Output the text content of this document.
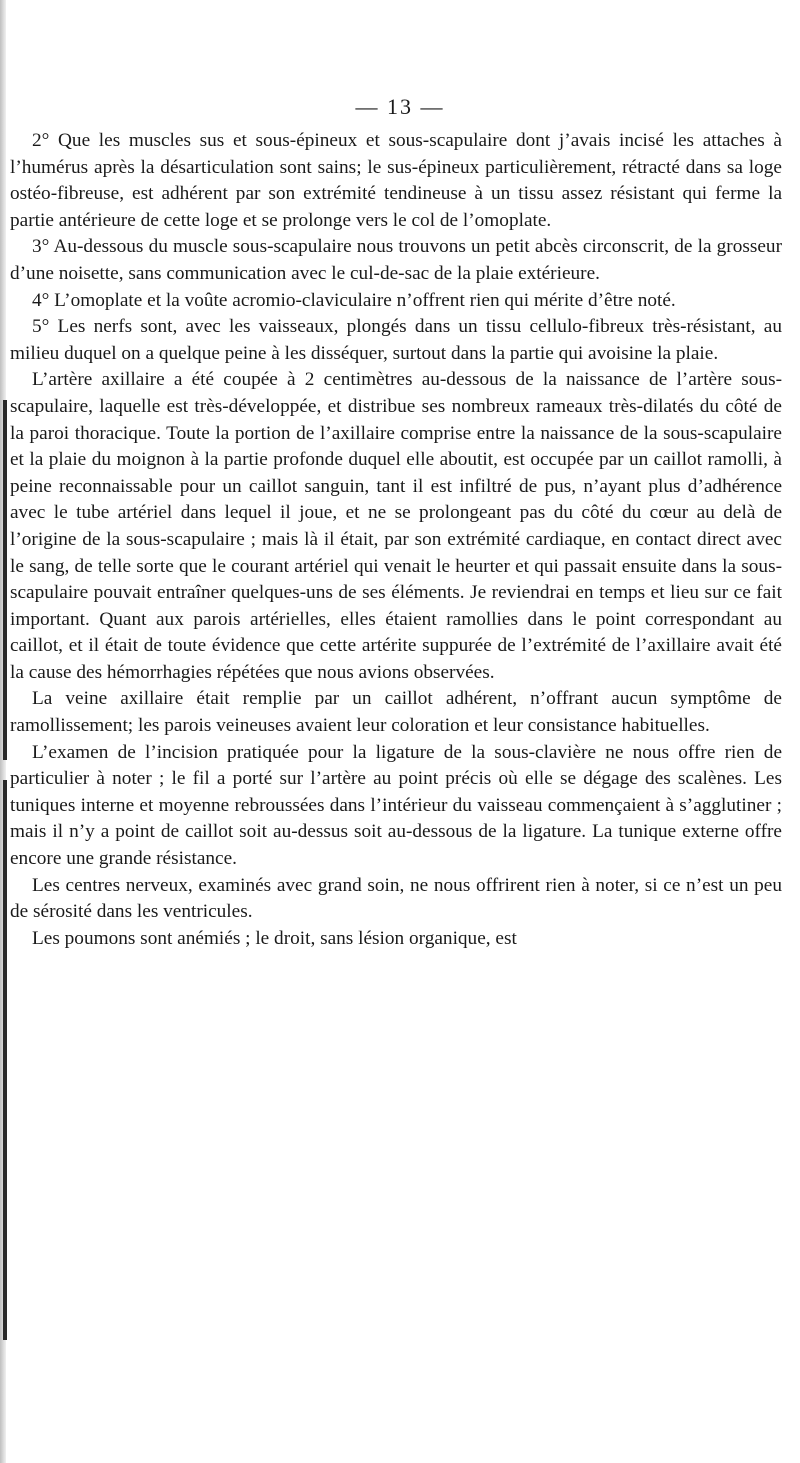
— 13 —

2° Que les muscles sus et sous-épineux et sous-scapulaire dont j’avais incisé les attaches à l’humérus après la désarticulation sont sains; le sus-épineux particulièrement, rétracté dans sa loge ostéo-fibreuse, est adhérent par son extrémité tendineuse à un tissu assez résistant qui ferme la partie antérieure de cette loge et se prolonge vers le col de l’omoplate.

3° Au-dessous du muscle sous-scapulaire nous trouvons un petit abcès circonscrit, de la grosseur d’une noisette, sans communication avec le cul-de-sac de la plaie extérieure.

4° L’omoplate et la voûte acromio-claviculaire n’offrent rien qui mérite d’être noté.

5° Les nerfs sont, avec les vaisseaux, plongés dans un tissu cellulo-fibreux très-résistant, au milieu duquel on a quelque peine à les disséquer, surtout dans la partie qui avoisine la plaie.

L’artère axillaire a été coupée à 2 centimètres au-dessous de la naissance de l’artère sous-scapulaire, laquelle est très-développée, et distribue ses nombreux rameaux très-dilatés du côté de la paroi thoracique. Toute la portion de l’axillaire comprise entre la naissance de la sous-scapulaire et la plaie du moignon à la partie profonde duquel elle aboutit, est occupée par un caillot ramolli, à peine reconnaissable pour un caillot sanguin, tant il est infiltré de pus, n’ayant plus d’adhérence avec le tube artériel dans lequel il joue, et ne se prolongeant pas du côté du cœur au delà de l’origine de la sous-scapulaire ; mais là il était, par son extrémité cardiaque, en contact direct avec le sang, de telle sorte que le courant artériel qui venait le heurter et qui passait ensuite dans la sous-scapulaire pouvait entraîner quelques-uns de ses éléments. Je reviendrai en temps et lieu sur ce fait important. Quant aux parois artérielles, elles étaient ramollies dans le point correspondant au caillot, et il était de toute évidence que cette artérite suppurée de l’extrémité de l’axillaire avait été la cause des hémorrhagies répétées que nous avions observées.

La veine axillaire était remplie par un caillot adhérent, n’offrant aucun symptôme de ramollissement; les parois veineuses avaient leur coloration et leur consistance habituelles.

L’examen de l’incision pratiquée pour la ligature de la sous-clavière ne nous offre rien de particulier à noter ; le fil a porté sur l’artère au point précis où elle se dégage des scalènes. Les tuniques interne et moyenne rebroussées dans l’intérieur du vaisseau commençaient à s’agglutiner ; mais il n’y a point de caillot soit au-dessus soit au-dessous de la ligature. La tunique externe offre encore une grande résistance.

Les centres nerveux, examinés avec grand soin, ne nous offrirent rien à noter, si ce n’est un peu de sérosité dans les ventricules.

Les poumons sont anémiés ; le droit, sans lésion organique, est
